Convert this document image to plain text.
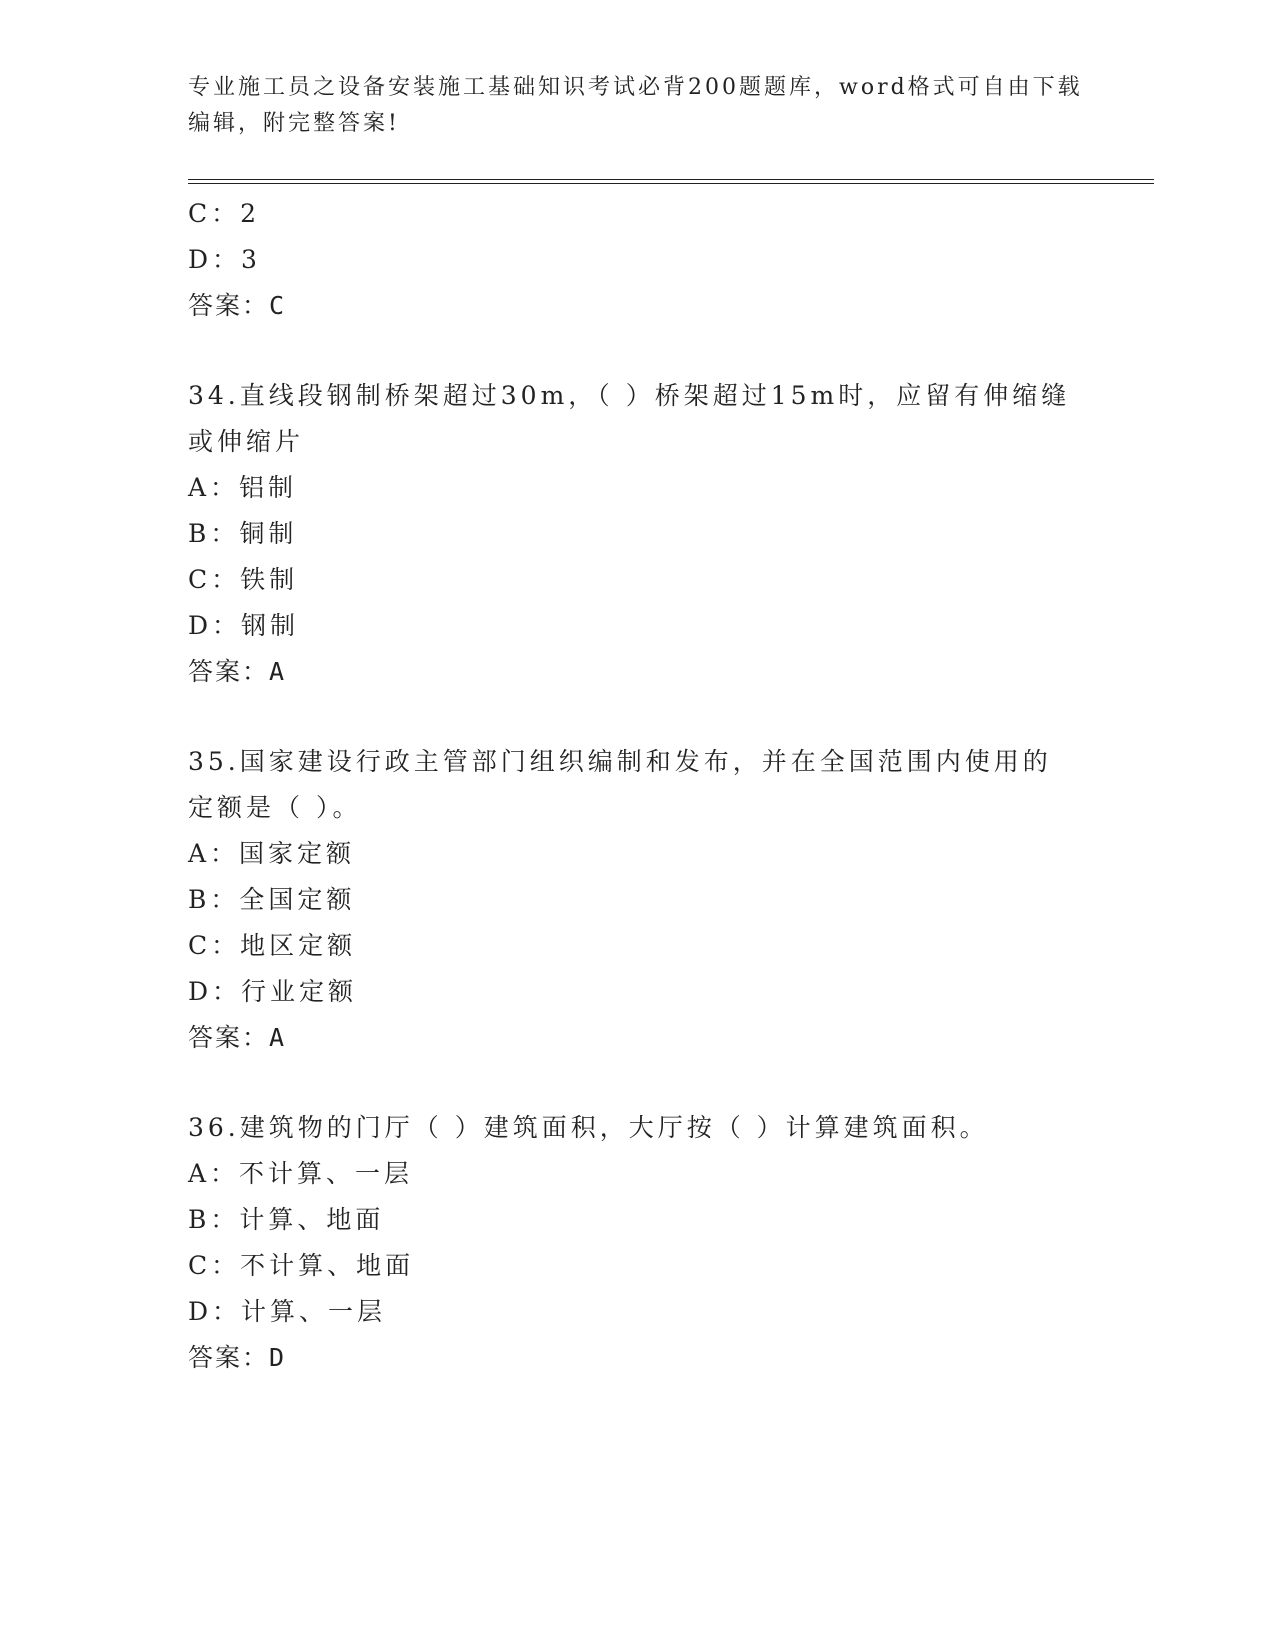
专业施工员之设备安装施工基础知识考试必背200题题库，word格式可自由下载
编辑，附完整答案!
C：2
D：3
答案：C
34.直线段钢制桥架超过30m，（ ）桥架超过15m时，应留有伸缩缝或伸缩片
A：铝制
B：铜制
C：铁制
D：钢制
答案：A
35.国家建设行政主管部门组织编制和发布，并在全国范围内使用的定额是（ ）。
A：国家定额
B：全国定额
C：地区定额
D：行业定额
答案：A
36.建筑物的门厅（ ）建筑面积，大厅按（ ）计算建筑面积。
A：不计算、一层
B：计算、地面
C：不计算、地面
D：计算、一层
答案：D
